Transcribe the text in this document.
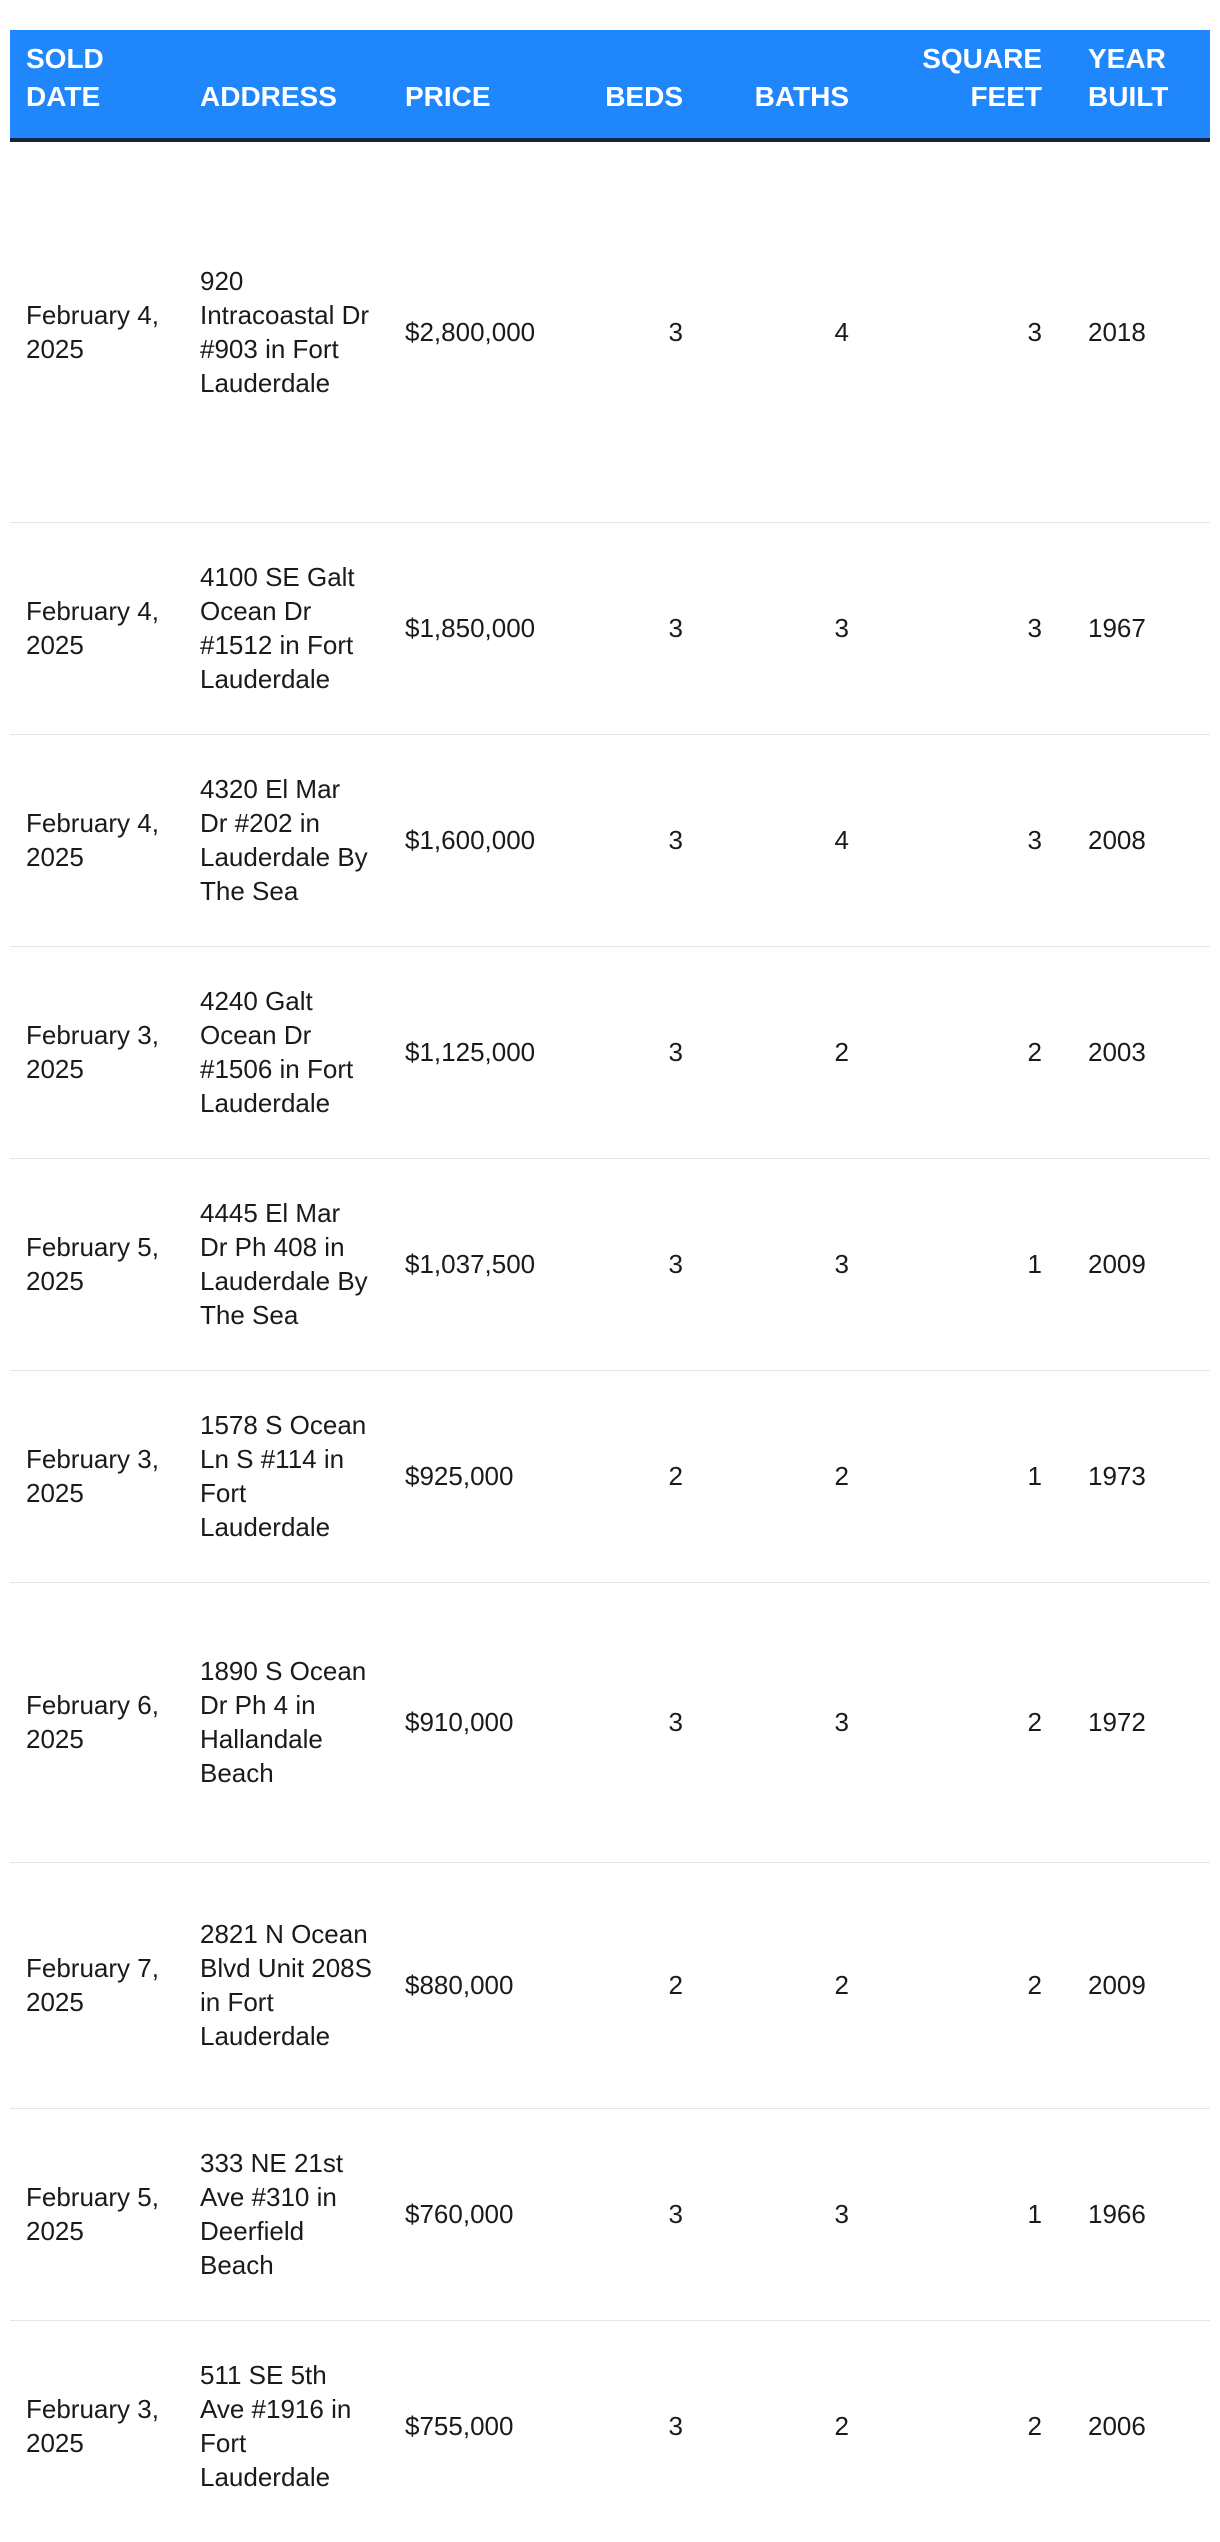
SOLD DATE	ADDRESS	PRICE	BEDS	BATHS	SQUARE FEET	YEAR BUILT
February 4, 2025	920 Intracoastal Dr #903 in Fort Lauderdale	$2,800,000	3	4	3	2018
February 4, 2025	4100 SE Galt Ocean Dr #1512 in Fort Lauderdale	$1,850,000	3	3	3	1967
February 4, 2025	4320 El Mar Dr #202 in Lauderdale By The Sea	$1,600,000	3	4	3	2008
February 3, 2025	4240 Galt Ocean Dr #1506 in Fort Lauderdale	$1,125,000	3	2	2	2003
February 5, 2025	4445 El Mar Dr Ph 408 in Lauderdale By The Sea	$1,037,500	3	3	1	2009
February 3, 2025	1578 S Ocean Ln S #114 in Fort Lauderdale	$925,000	2	2	1	1973
February 6, 2025	1890 S Ocean Dr Ph 4 in Hallandale Beach	$910,000	3	3	2	1972
February 7, 2025	2821 N Ocean Blvd Unit 208S in Fort Lauderdale	$880,000	2	2	2	2009
February 5, 2025	333 NE 21st Ave #310 in Deerfield Beach	$760,000	3	3	1	1966
February 3, 2025	511 SE 5th Ave #1916 in Fort Lauderdale	$755,000	3	2	2	2006
